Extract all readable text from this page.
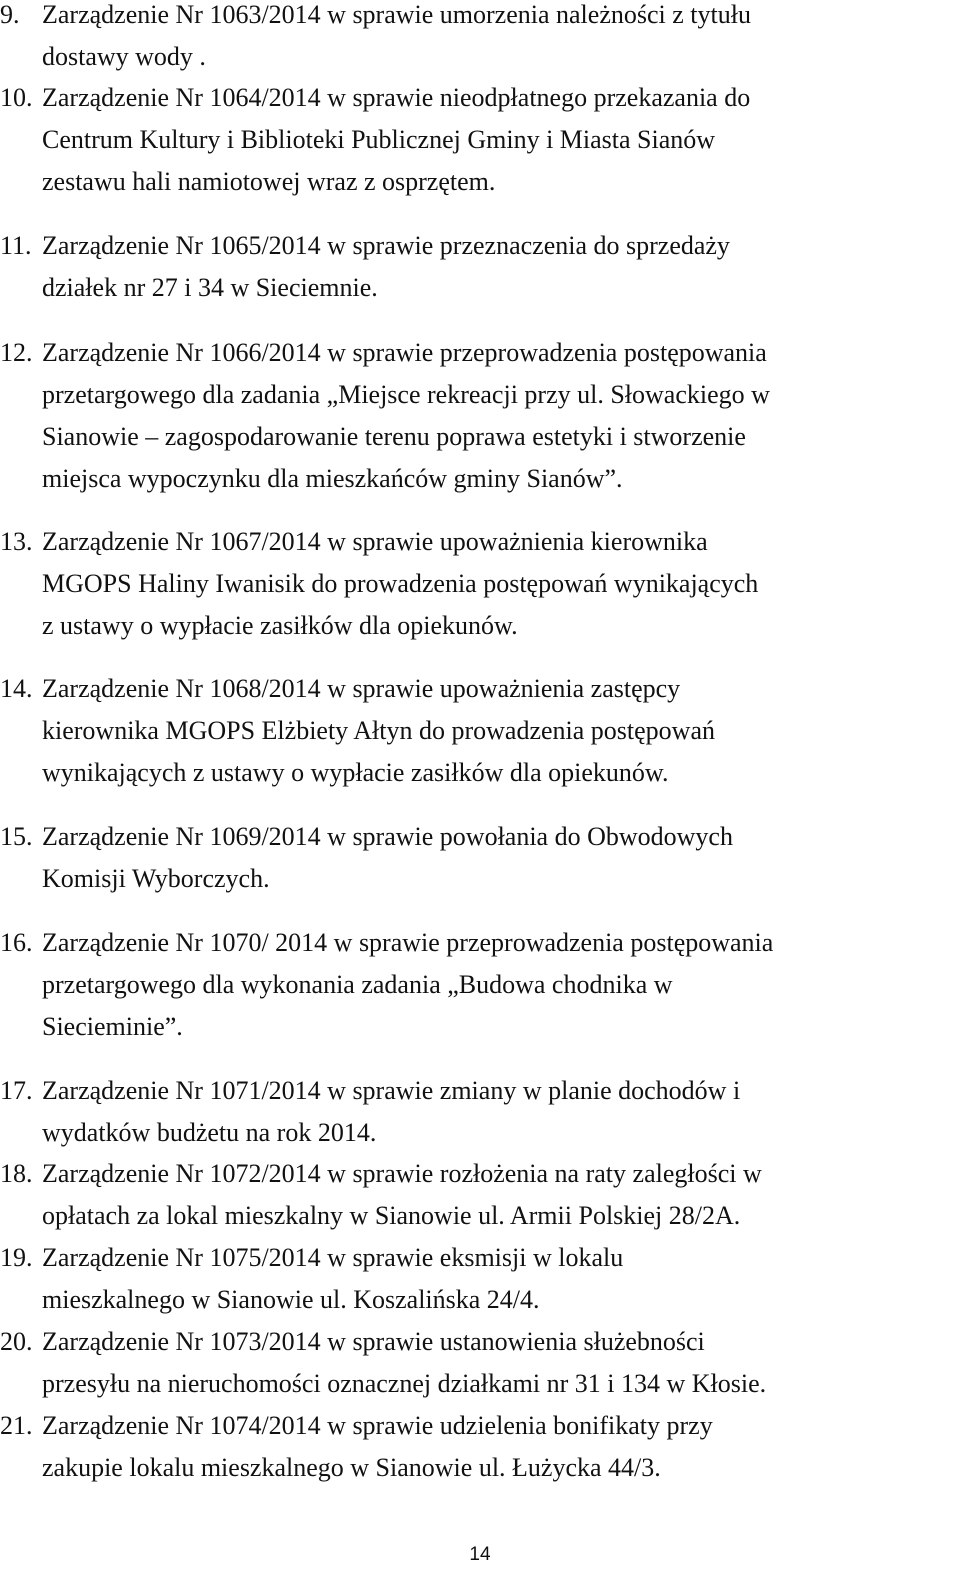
9. Zarządzenie Nr 1063/2014 w sprawie umorzenia należności z tytułu
dostawy wody .
10. Zarządzenie Nr 1064/2014 w sprawie nieodpłatnego przekazania do
Centrum Kultury i Biblioteki Publicznej Gminy i Miasta Sianów
zestawu hali namiotowej wraz z osprzętem.
11. Zarządzenie Nr 1065/2014 w sprawie przeznaczenia do sprzedaży
działek nr 27 i 34 w Sieciemnie.
12. Zarządzenie Nr 1066/2014 w sprawie przeprowadzenia postępowania
przetargowego dla zadania „Miejsce rekreacji przy ul. Słowackiego w
Sianowie – zagospodarowanie terenu poprawa estetyki i stworzenie
miejsca wypoczynku dla mieszkańców gminy Sianów”.
13. Zarządzenie Nr 1067/2014 w sprawie upoważnienia kierownika
MGOPS Haliny Iwanisik do prowadzenia postępowań wynikających
z ustawy o wypłacie zasiłków dla opiekunów.
14. Zarządzenie Nr 1068/2014 w sprawie upoważnienia zastępcy
kierownika MGOPS Elżbiety Ałtyn do prowadzenia postępowań
wynikających z ustawy o wypłacie zasiłków dla opiekunów.
15. Zarządzenie Nr 1069/2014 w sprawie powołania do Obwodowych
Komisji Wyborczych.
16. Zarządzenie Nr 1070/ 2014 w sprawie przeprowadzenia postępowania
przetargowego dla wykonania zadania „Budowa chodnika w
Siecieminie”.
17. Zarządzenie Nr 1071/2014 w sprawie zmiany w planie dochodów i
wydatków budżetu na rok 2014.
18. Zarządzenie Nr 1072/2014 w sprawie rozłożenia na raty zaległości w
opłatach za lokal mieszkalny w Sianowie ul. Armii Polskiej 28/2A.
19. Zarządzenie Nr 1075/2014 w sprawie eksmisji w lokalu
mieszkalnego w Sianowie ul. Koszalińska 24/4.
20. Zarządzenie Nr 1073/2014 w sprawie ustanowienia służebności
przesyłu na nieruchomości oznacznej działkami nr 31 i 134 w Kłosie.
21. Zarządzenie Nr 1074/2014 w sprawie udzielenia bonifikaty przy
zakupie lokalu mieszkalnego w Sianowie ul. Łużycka 44/3.
14
